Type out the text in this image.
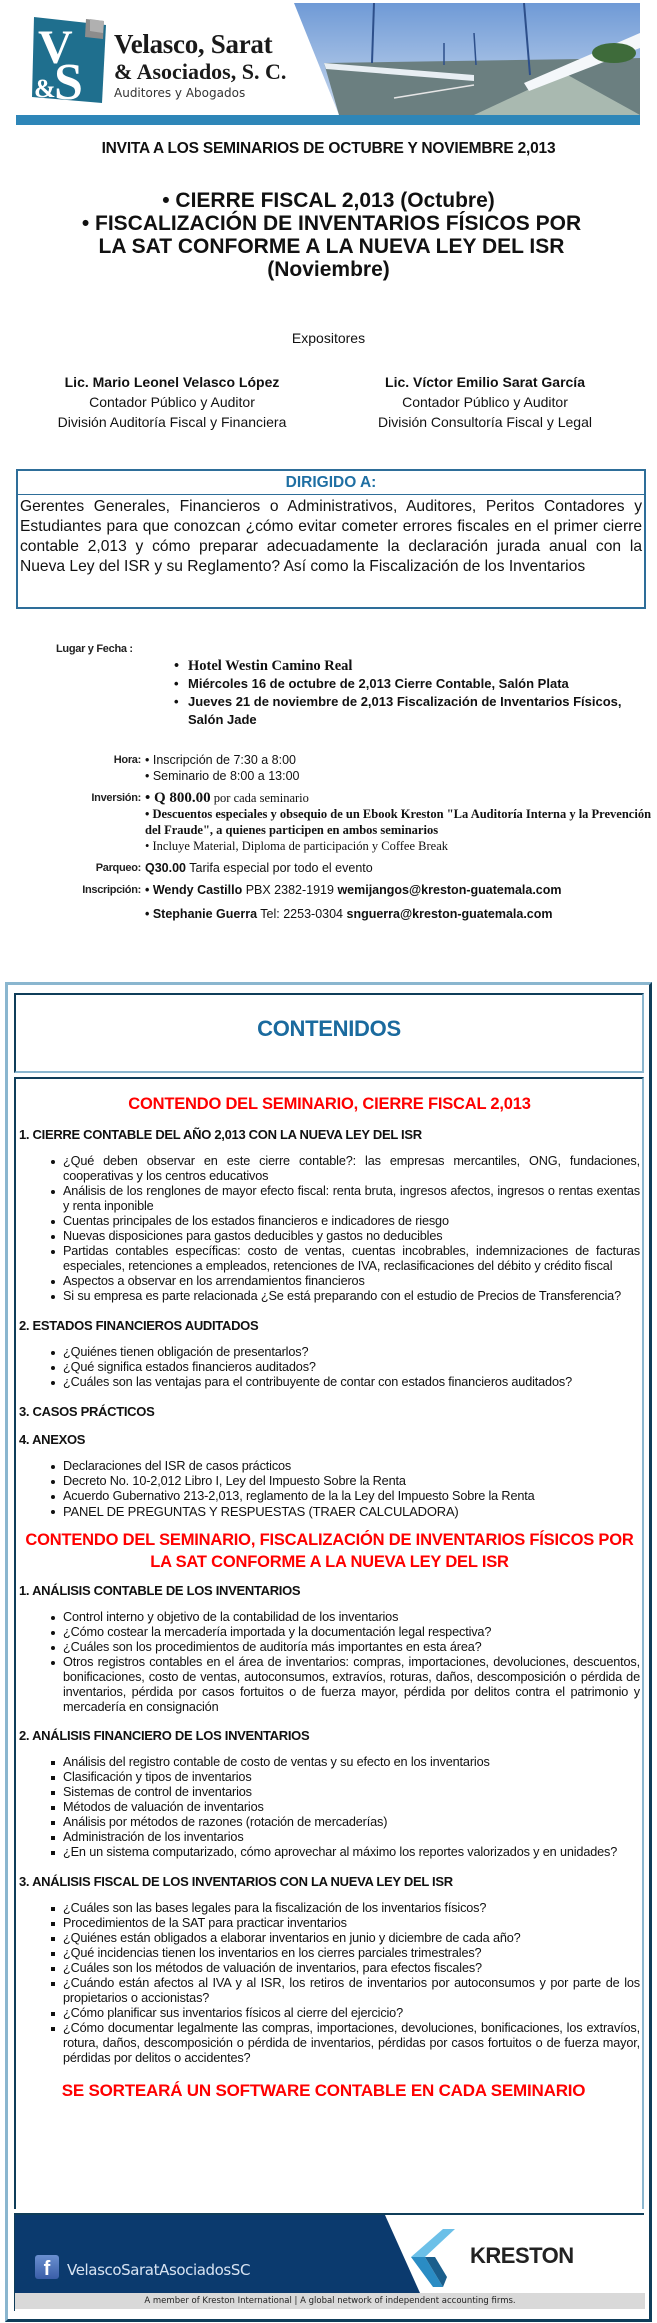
V
&
S
Velasco, Sarat
& Asociados, S. C.
Auditores y Abogados
INVITA A LOS SEMINARIOS DE OCTUBRE Y NOVIEMBRE 2,013
• CIERRE FISCAL 2,013 (Octubre)
• FISCALIZACIÓN DE INVENTARIOS FÍSICOS POR
LA SAT CONFORME A LA NUEVA LEY DEL ISR
(Noviembre)
Expositores
Lic. Mario Leonel Velasco López
Contador Público y Auditor
División Auditoría Fiscal y Financiera
Lic. Víctor Emilio Sarat García
Contador Público y Auditor
División Consultoría Fiscal y Legal
DIRIGIDO A:
Gerentes Generales, Financieros o Administrativos, Auditores, Peritos Contadores y Estudiantes para que conozcan ¿cómo evitar cometer errores fiscales en el primer cierre contable 2,013 y cómo preparar adecuadamente la declaración jurada anual con la Nueva Ley del ISR y su Reglamento? Así como la Fiscalización de los Inventarios
Lugar y Fecha :
• Hotel Westin Camino Real
• Miércoles 16 de octubre de 2,013 Cierre Contable, Salón Plata
• Jueves 21 de noviembre de 2,013 Fiscalización de Inventarios Físicos, Salón Jade
Hora: • Inscripción de 7:30 a 8:00
• Seminario de 8:00 a 13:00
Inversión: • Q 800.00 por cada seminario
• Descuentos especiales y obsequio de un Ebook Kreston "La Auditoría Interna y la Prevención del Fraude", a quienes participen en ambos seminarios
• Incluye Material, Diploma de participación y Coffee Break
Parqueo: Q30.00 Tarifa especial por todo el evento
Inscripción: • Wendy Castillo PBX 2382-1919 wemijangos@kreston-guatemala.com
• Stephanie Guerra Tel: 2253-0304 snguerra@kreston-guatemala.com
CONTENIDOS
CONTENDO DEL SEMINARIO, CIERRE FISCAL 2,013
1. CIERRE CONTABLE DEL AÑO 2,013 CON LA NUEVA LEY DEL ISR
¿Qué deben observar en este cierre contable?: las empresas mercantiles, ONG, fundaciones, cooperativas y los centros educativos
Análisis de los renglones de mayor efecto fiscal: renta bruta, ingresos afectos, ingresos o rentas exentas y renta inponible
Cuentas principales de los estados financieros e indicadores de riesgo
Nuevas disposiciones para gastos deducibles y gastos no deducibles
Partidas contables específicas: costo de ventas, cuentas incobrables, indemnizaciones de facturas especiales, retenciones a empleados, retenciones de IVA, reclasificaciones del débito y crédito fiscal
Aspectos a observar en los arrendamientos financieros
Si su empresa es parte relacionada ¿Se está preparando con el estudio de Precios de Transferencia?
2. ESTADOS FINANCIEROS AUDITADOS
¿Quiénes tienen obligación de presentarlos?
¿Qué significa estados financieros auditados?
¿Cuáles son las ventajas para el contribuyente de contar con estados financieros auditados?
3. CASOS PRÁCTICOS
4. ANEXOS
Declaraciones del ISR de casos prácticos
Decreto No. 10-2,012 Libro I, Ley del Impuesto Sobre la Renta
Acuerdo Gubernativo 213-2,013, reglamento de la la Ley del Impuesto Sobre la Renta
PANEL DE PREGUNTAS Y RESPUESTAS (TRAER CALCULADORA)
CONTENDO DEL SEMINARIO, FISCALIZACIÓN DE INVENTARIOS FÍSICOS POR
LA SAT CONFORME A LA NUEVA LEY DEL ISR
1. ANÁLISIS CONTABLE DE LOS INVENTARIOS
Control interno y objetivo de la contabilidad de los inventarios
¿Cómo costear la mercadería importada y la documentación legal respectiva?
¿Cuáles son los procedimientos de auditoría más importantes en esta área?
Otros registros contables en el área de inventarios: compras, importaciones, devoluciones, descuentos, bonificaciones, costo de ventas, autoconsumos, extravíos, roturas, daños, descomposición o pérdida de inventarios, pérdida por casos fortuitos o de fuerza mayor, pérdida por delitos contra el patrimonio y mercadería en consignación
2. ANÁLISIS FINANCIERO DE LOS INVENTARIOS
Análisis del registro contable de costo de ventas y su efecto en los inventarios
Clasificación y tipos de inventarios
Sistemas de control de inventarios
Métodos de valuación de inventarios
Análisis por métodos de razones (rotación de mercaderías)
Administración de los inventarios
¿En un sistema computarizado, cómo aprovechar al máximo los reportes valorizados y en unidades?
3. ANÁLISIS FISCAL DE LOS INVENTARIOS CON LA NUEVA LEY DEL ISR
¿Cuáles son las bases legales para la fiscalización de los inventarios físicos?
Procedimientos de la SAT para practicar inventarios
¿Quiénes están obligados a elaborar inventarios en junio y diciembre de cada año?
¿Qué incidencias tienen los inventarios en los cierres parciales trimestrales?
¿Cuáles son los métodos de valuación de inventarios, para efectos fiscales?
¿Cuándo están afectos al IVA y al ISR, los retiros de inventarios por autoconsumos y por parte de los propietarios o accionistas?
¿Cómo planificar sus inventarios físicos al cierre del ejercicio?
¿Cómo documentar legalmente las compras, importaciones, devoluciones, bonificaciones, los extravíos, rotura, daños, descomposición o pérdida de inventarios, pérdidas por casos fortuitos o de fuerza mayor, pérdidas por delitos o accidentes?
SE SORTEARÁ UN SOFTWARE CONTABLE EN CADA SEMINARIO
f	VelascoSaratAsociadosSC
KRESTON
A member of Kreston International | A global network of independent accounting firms.
